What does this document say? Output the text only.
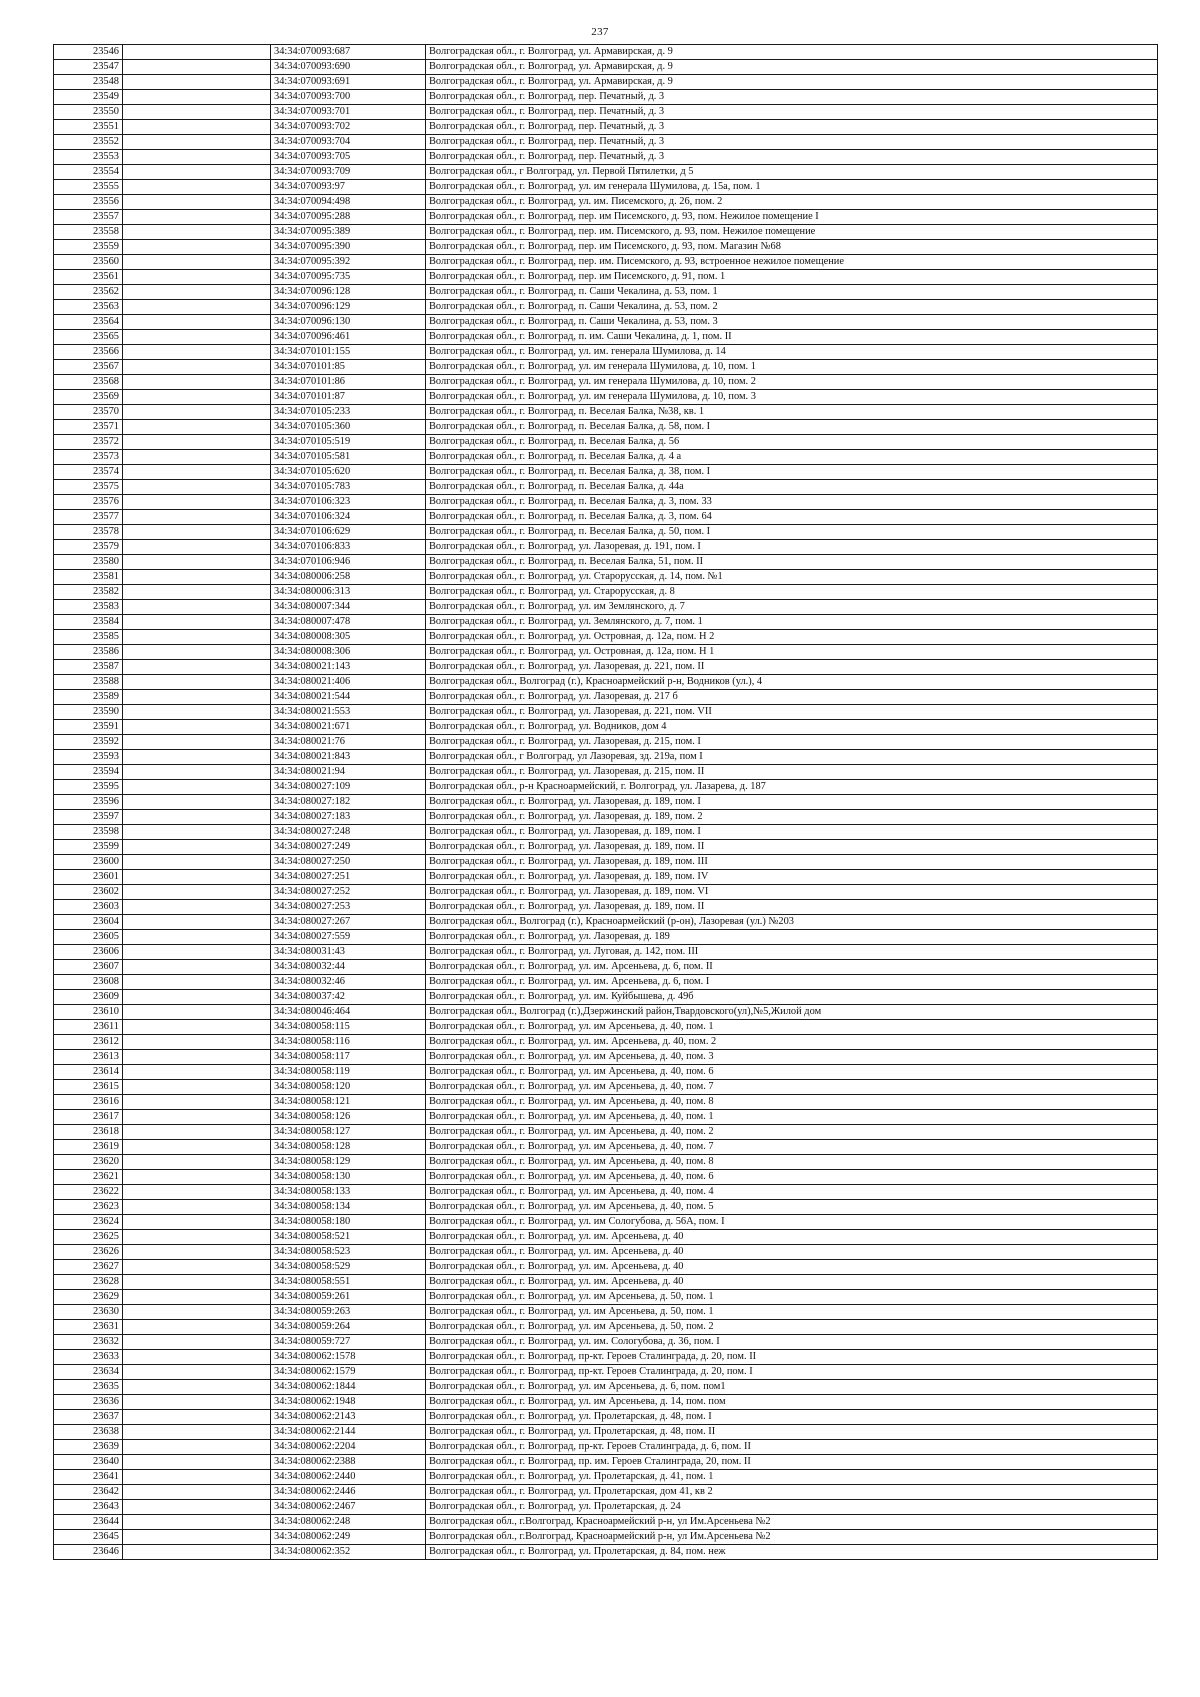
237
23546		34:34:070093:687	Волгоградская обл., г. Волгоград, ул. Армавирская, д. 9
23547		34:34:070093:690	Волгоградская обл., г. Волгоград, ул. Армавирская, д. 9
23548		34:34:070093:691	Волгоградская обл., г. Волгоград, ул. Армавирская, д. 9
23549		34:34:070093:700	Волгоградская обл., г. Волгоград, пер. Печатный, д. 3
23550		34:34:070093:701	Волгоградская обл., г. Волгоград, пер. Печатный, д. 3
23551		34:34:070093:702	Волгоградская обл., г. Волгоград, пер. Печатный, д. 3
23552		34:34:070093:704	Волгоградская обл., г. Волгоград, пер. Печатный, д. 3
23553		34:34:070093:705	Волгоградская обл., г. Волгоград, пер. Печатный, д. 3
23554		34:34:070093:709	Волгоградская обл., г Волгоград, ул. Первой Пятилетки, д 5
23555		34:34:070093:97	Волгоградская обл., г. Волгоград, ул. им генерала Шумилова, д. 15а, пом. 1
23556		34:34:070094:498	Волгоградская обл., г. Волгоград, ул. им. Писемского, д. 26, пом. 2
23557		34:34:070095:288	Волгоградская обл., г. Волгоград, пер. им Писемского, д. 93, пом. Нежилое помещение I
23558		34:34:070095:389	Волгоградская обл., г. Волгоград, пер. им. Писемского, д. 93, пом. Нежилое помещение
23559		34:34:070095:390	Волгоградская обл., г. Волгоград, пер. им Писемского, д. 93, пом. Магазин №68
23560		34:34:070095:392	Волгоградская обл., г. Волгоград, пер. им. Писемского, д. 93, встроенное нежилое помещение
23561		34:34:070095:735	Волгоградская обл., г. Волгоград, пер. им Писемского, д. 91, пом. 1
23562		34:34:070096:128	Волгоградская обл., г. Волгоград, п. Саши Чекалина, д. 53, пом. 1
23563		34:34:070096:129	Волгоградская обл., г. Волгоград, п. Саши Чекалина, д. 53, пом. 2
23564		34:34:070096:130	Волгоградская обл., г. Волгоград, п. Саши Чекалина, д. 53, пом. 3
23565		34:34:070096:461	Волгоградская обл., г. Волгоград, п. им. Саши Чекалина, д. 1, пом. II
23566		34:34:070101:155	Волгоградская обл., г. Волгоград, ул. им. генерала Шумилова, д. 14
23567		34:34:070101:85	Волгоградская обл., г. Волгоград, ул. им генерала Шумилова, д. 10, пом. 1
23568		34:34:070101:86	Волгоградская обл., г. Волгоград, ул. им генерала Шумилова, д. 10, пом. 2
23569		34:34:070101:87	Волгоградская обл., г. Волгоград, ул. им генерала Шумилова, д. 10, пом. 3
23570		34:34:070105:233	Волгоградская обл., г. Волгоград, п. Веселая Балка, №38, кв. 1
23571		34:34:070105:360	Волгоградская обл., г. Волгоград, п. Веселая Балка, д. 58, пом. I
23572		34:34:070105:519	Волгоградская обл., г. Волгоград, п. Веселая Балка, д. 56
23573		34:34:070105:581	Волгоградская обл., г. Волгоград, п. Веселая Балка, д. 4 а
23574		34:34:070105:620	Волгоградская обл., г. Волгоград, п. Веселая Балка, д. 38, пом. I
23575		34:34:070105:783	Волгоградская обл., г. Волгоград, п. Веселая Балка, д. 44а
23576		34:34:070106:323	Волгоградская обл., г. Волгоград, п. Веселая Балка, д. 3, пом. 33
23577		34:34:070106:324	Волгоградская обл., г. Волгоград, п. Веселая Балка, д. 3, пом. 64
23578		34:34:070106:629	Волгоградская обл., г. Волгоград, п. Веселая Балка, д. 50, пом. I
23579		34:34:070106:833	Волгоградская обл., г. Волгоград, ул. Лазоревая, д. 191, пом. I
23580		34:34:070106:946	Волгоградская обл., г. Волгоград, п. Веселая Балка, 51, пом. II
23581		34:34:080006:258	Волгоградская обл., г. Волгоград, ул. Старорусская, д. 14, пом. №1
23582		34:34:080006:313	Волгоградская обл., г. Волгоград, ул. Старорусская, д. 8
23583		34:34:080007:344	Волгоградская обл., г. Волгоград, ул. им Землянского, д. 7
23584		34:34:080007:478	Волгоградская обл., г. Волгоград, ул. Землянского, д. 7, пом. 1
23585		34:34:080008:305	Волгоградская обл., г. Волгоград, ул. Островная, д. 12а, пом. Н 2
23586		34:34:080008:306	Волгоградская обл., г. Волгоград, ул. Островная, д. 12а, пом. Н 1
23587		34:34:080021:143	Волгоградская обл., г. Волгоград, ул. Лазоревая, д. 221, пом. II
23588		34:34:080021:406	Волгоградская обл., Волгоград (г.), Красноармейский р-н, Водников (ул.), 4
23589		34:34:080021:544	Волгоградская обл., г. Волгоград, ул. Лазоревая, д. 217 б
23590		34:34:080021:553	Волгоградская обл., г. Волгоград, ул. Лазоревая, д. 221, пом. VII
23591		34:34:080021:671	Волгоградская обл., г. Волгоград, ул. Водников, дом 4
23592		34:34:080021:76	Волгоградская обл., г. Волгоград, ул. Лазоревая, д. 215, пом. I
23593		34:34:080021:843	Волгоградская обл., г Волгоград, ул Лазоревая, зд. 219а, пом I
23594		34:34:080021:94	Волгоградская обл., г. Волгоград, ул. Лазоревая, д. 215, пом. II
23595		34:34:080027:109	Волгоградская обл., р-н Красноармейский, г. Волгоград, ул. Лазарева, д. 187
23596		34:34:080027:182	Волгоградская обл., г. Волгоград, ул. Лазоревая, д. 189, пом. I
23597		34:34:080027:183	Волгоградская обл., г. Волгоград, ул. Лазоревая, д. 189, пом. 2
23598		34:34:080027:248	Волгоградская обл., г. Волгоград, ул. Лазоревая, д. 189, пом. I
23599		34:34:080027:249	Волгоградская обл., г. Волгоград, ул. Лазоревая, д. 189, пом. II
23600		34:34:080027:250	Волгоградская обл., г. Волгоград, ул. Лазоревая, д. 189, пом. III
23601		34:34:080027:251	Волгоградская обл., г. Волгоград, ул. Лазоревая, д. 189, пом. IV
23602		34:34:080027:252	Волгоградская обл., г. Волгоград, ул. Лазоревая, д. 189, пом. VI
23603		34:34:080027:253	Волгоградская обл., г. Волгоград, ул. Лазоревая, д. 189, пом. II
23604		34:34:080027:267	Волгоградская обл., Волгоград (г.), Красноармейский (р-он), Лазоревая (ул.) №203
23605		34:34:080027:559	Волгоградская обл., г. Волгоград, ул. Лазоревая, д. 189
23606		34:34:080031:43	Волгоградская обл., г. Волгоград, ул. Луговая, д. 142, пом. III
23607		34:34:080032:44	Волгоградская обл., г. Волгоград, ул. им. Арсеньева, д. 6, пом. II
23608		34:34:080032:46	Волгоградская обл., г. Волгоград, ул. им. Арсеньева, д. 6, пом. I
23609		34:34:080037:42	Волгоградская обл., г. Волгоград, ул. им. Куйбышева, д. 49б
23610		34:34:080046:464	Волгоградская обл., Волгоград (г.),Дзержинский район,Твардовского(ул),№5,Жилой дом
23611		34:34:080058:115	Волгоградская обл., г. Волгоград, ул. им Арсеньева, д. 40, пом. 1
23612		34:34:080058:116	Волгоградская обл., г. Волгоград, ул. им. Арсеньева, д. 40, пом. 2
23613		34:34:080058:117	Волгоградская обл., г. Волгоград, ул. им Арсеньева, д. 40, пом. 3
23614		34:34:080058:119	Волгоградская обл., г. Волгоград, ул. им Арсеньева, д. 40, пом. 6
23615		34:34:080058:120	Волгоградская обл., г. Волгоград, ул. им Арсеньева, д. 40, пом. 7
23616		34:34:080058:121	Волгоградская обл., г. Волгоград, ул. им Арсеньева, д. 40, пом. 8
23617		34:34:080058:126	Волгоградская обл., г. Волгоград, ул. им Арсеньева, д. 40, пом. 1
23618		34:34:080058:127	Волгоградская обл., г. Волгоград, ул. им Арсеньева, д. 40, пом. 2
23619		34:34:080058:128	Волгоградская обл., г. Волгоград, ул. им Арсеньева, д. 40, пом. 7
23620		34:34:080058:129	Волгоградская обл., г. Волгоград, ул. им Арсеньева, д. 40, пом. 8
23621		34:34:080058:130	Волгоградская обл., г. Волгоград, ул. им Арсеньева, д. 40, пом. 6
23622		34:34:080058:133	Волгоградская обл., г. Волгоград, ул. им Арсеньева, д. 40, пом. 4
23623		34:34:080058:134	Волгоградская обл., г. Волгоград, ул. им Арсеньева, д. 40, пом. 5
23624		34:34:080058:180	Волгоградская обл., г. Волгоград, ул. им Сологубова, д. 56А, пом. I
23625		34:34:080058:521	Волгоградская обл., г. Волгоград, ул. им. Арсеньева, д. 40
23626		34:34:080058:523	Волгоградская обл., г. Волгоград, ул. им. Арсеньева, д. 40
23627		34:34:080058:529	Волгоградская обл., г. Волгоград, ул. им. Арсеньева, д. 40
23628		34:34:080058:551	Волгоградская обл., г. Волгоград, ул. им. Арсеньева, д. 40
23629		34:34:080059:261	Волгоградская обл., г. Волгоград, ул. им Арсеньева, д. 50, пом. 1
23630		34:34:080059:263	Волгоградская обл., г. Волгоград, ул. им Арсеньева, д. 50, пом. 1
23631		34:34:080059:264	Волгоградская обл., г. Волгоград, ул. им Арсеньева, д. 50, пом. 2
23632		34:34:080059:727	Волгоградская обл., г. Волгоград, ул. им. Сологубова, д. 36, пом. I
23633		34:34:080062:1578	Волгоградская обл., г. Волгоград, пр-кт. Героев Сталинграда, д. 20, пом. II
23634		34:34:080062:1579	Волгоградская обл., г. Волгоград, пр-кт. Героев Сталинграда, д. 20, пом. I
23635		34:34:080062:1844	Волгоградская обл., г. Волгоград, ул. им Арсеньева, д. 6, пом. пом1
23636		34:34:080062:1948	Волгоградская обл., г. Волгоград, ул. им Арсеньева, д. 14, пом. пом
23637		34:34:080062:2143	Волгоградская обл., г. Волгоград, ул. Пролетарская, д. 48, пом. I
23638		34:34:080062:2144	Волгоградская обл., г. Волгоград, ул. Пролетарская, д. 48, пом. II
23639		34:34:080062:2204	Волгоградская обл., г. Волгоград, пр-кт. Героев Сталинграда, д. 6, пом. II
23640		34:34:080062:2388	Волгоградская обл., г. Волгоград, пр. им. Героев Сталинграда, 20, пом. II
23641		34:34:080062:2440	Волгоградская обл., г. Волгоград, ул. Пролетарская, д. 41, пом. 1
23642		34:34:080062:2446	Волгоградская обл., г. Волгоград, ул. Пролетарская, дом 41, кв 2
23643		34:34:080062:2467	Волгоградская обл., г. Волгоград, ул. Пролетарская, д. 24
23644		34:34:080062:248	Волгоградская обл., г.Волгоград, Красноармейский р-н, ул Им.Арсеньева №2
23645		34:34:080062:249	Волгоградская обл., г.Волгоград, Красноармейский р-н, ул Им.Арсеньева №2
23646		34:34:080062:352	Волгоградская обл., г. Волгоград, ул. Пролетарская, д. 84, пом. неж
